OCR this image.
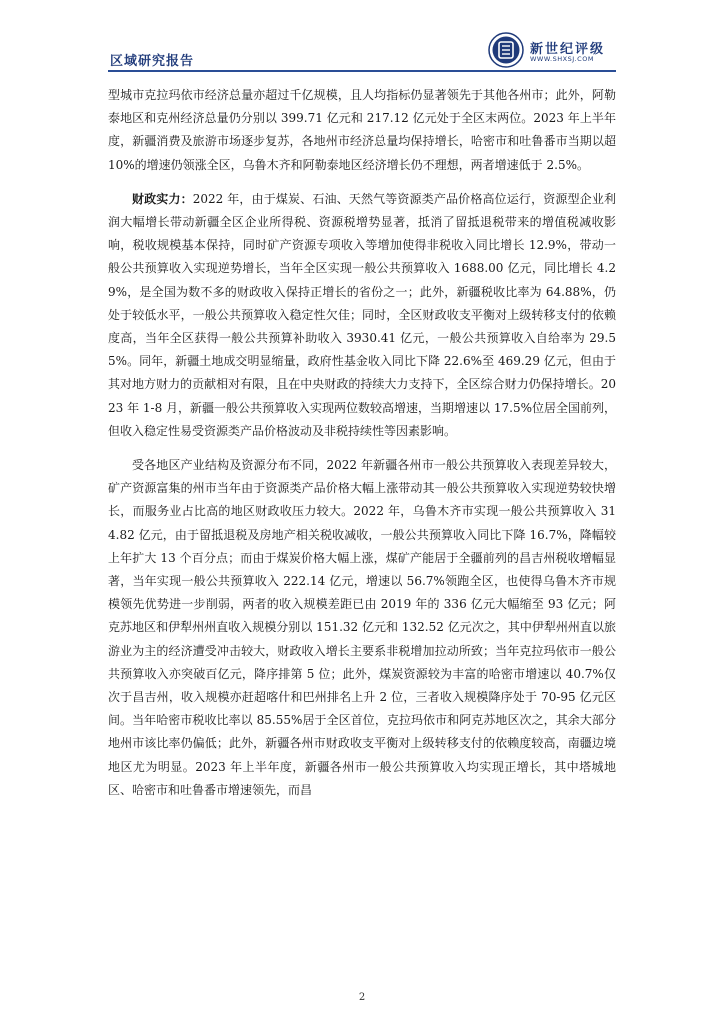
区域研究报告
新世纪评级
WWW.SHXSJ.COM

型城市克拉玛依市经济总量亦超过千亿规模，且人均指标仍显著领先于其他各州市；此外，阿勒泰地区和克州经济总量仍分别以 399.71 亿元和 217.12 亿元处于全区末两位。2023 年上半年度，新疆消费及旅游市场逐步复苏，各地州市经济总量均保持增长，哈密市和吐鲁番市当期以超 10%的增速仍领涨全区，乌鲁木齐和阿勒泰地区经济增长仍不理想，两者增速低于 2.5%。

财政实力：2022 年，由于煤炭、石油、天然气等资源类产品价格高位运行，资源型企业利润大幅增长带动新疆全区企业所得税、资源税增势显著，抵消了留抵退税带来的增值税减收影响，税收规模基本保持，同时矿产资源专项收入等增加使得非税收入同比增长 12.9%，带动一般公共预算收入实现逆势增长，当年全区实现一般公共预算收入 1688.00 亿元，同比增长 4.29%，是全国为数不多的财政收入保持正增长的省份之一；此外，新疆税收比率为 64.88%，仍处于较低水平，一般公共预算收入稳定性欠佳；同时，全区财政收支平衡对上级转移支付的依赖度高，当年全区获得一般公共预算补助收入 3930.41 亿元，一般公共预算收入自给率为 29.55%。同年，新疆土地成交明显缩量，政府性基金收入同比下降 22.6%至 469.29 亿元，但由于其对地方财力的贡献相对有限，且在中央财政的持续大力支持下，全区综合财力仍保持增长。2023 年 1-8 月，新疆一般公共预算收入实现两位数较高增速，当期增速以 17.5%位居全国前列，但收入稳定性易受资源类产品价格波动及非税持续性等因素影响。

受各地区产业结构及资源分布不同，2022 年新疆各州市一般公共预算收入表现差异较大，矿产资源富集的州市当年由于资源类产品价格大幅上涨带动其一般公共预算收入实现逆势较快增长，而服务业占比高的地区财政收压力较大。2022 年，乌鲁木齐市实现一般公共预算收入 314.82 亿元，由于留抵退税及房地产相关税收减收，一般公共预算收入同比下降 16.7%，降幅较上年扩大 13 个百分点；而由于煤炭价格大幅上涨，煤矿产能居于全疆前列的昌吉州税收增幅显著，当年实现一般公共预算收入 222.14 亿元，增速以 56.7%领跑全区，也使得乌鲁木齐市规模领先优势进一步削弱，两者的收入规模差距已由 2019 年的 336 亿元大幅缩至 93 亿元；阿克苏地区和伊犁州州直收入规模分别以 151.32 亿元和 132.52 亿元次之，其中伊犁州州直以旅游业为主的经济遭受冲击较大，财政收入增长主要系非税增加拉动所致；当年克拉玛依市一般公共预算收入亦突破百亿元，降序排第 5 位；此外，煤炭资源较为丰富的哈密市增速以 40.7%仅次于昌吉州，收入规模亦赶超喀什和巴州排名上升 2 位，三者收入规模降序处于 70-95 亿元区间。当年哈密市税收比率以 85.55%居于全区首位，克拉玛依市和阿克苏地区次之，其余大部分地州市该比率仍偏低；此外，新疆各州市财政收支平衡对上级转移支付的依赖度较高，南疆边境地区尤为明显。2023 年上半年度，新疆各州市一般公共预算收入均实现正增长，其中塔城地区、哈密市和吐鲁番市增速领先，而昌

2
